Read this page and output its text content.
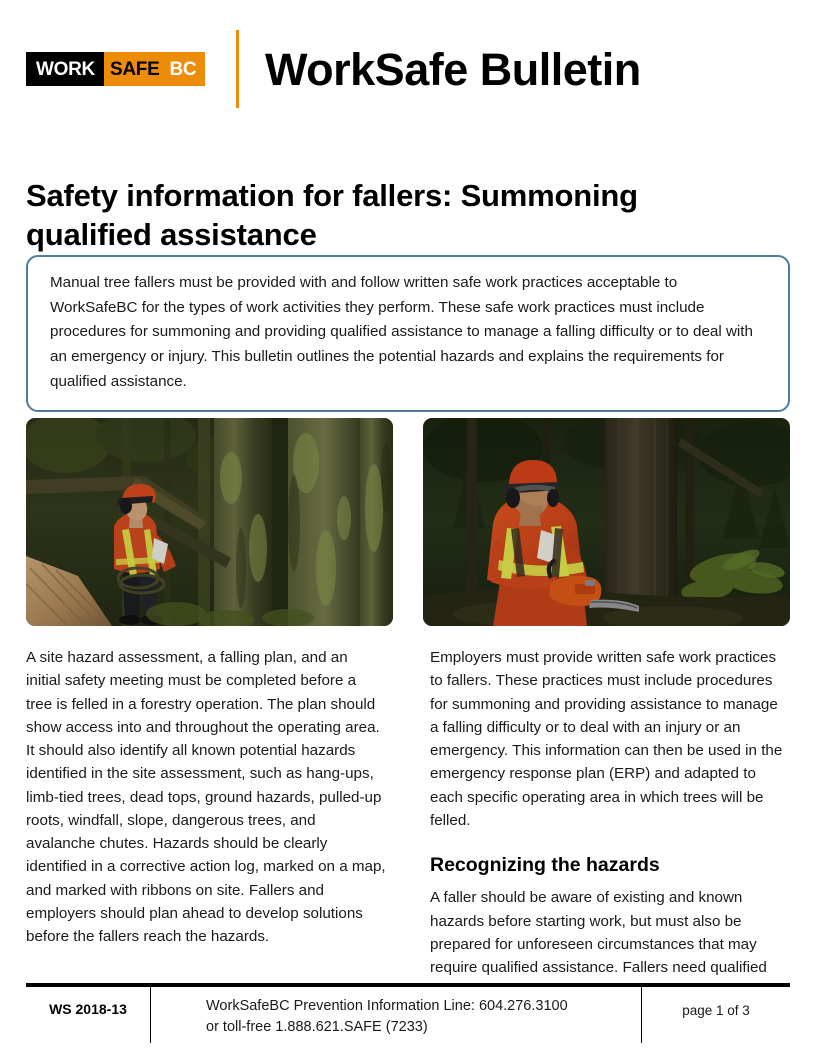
WORK SAFE BC WorkSafe Bulletin
Safety information for fallers: Summoning qualified assistance

Manual tree fallers must be provided with and follow written safe work practices acceptable to WorkSafeBC for the types of work activities they perform. These safe work practices must include procedures for summoning and providing qualified assistance to manage a falling difficulty or to deal with an emergency or injury. This bulletin outlines the potential hazards and explains the requirements for qualified assistance.

A site hazard assessment, a falling plan, and an initial safety meeting must be completed before a tree is felled in a forestry operation. The plan should show access into and throughout the operating area. It should also identify all known potential hazards identified in the site assessment, such as hang-ups, limb-tied trees, dead tops, ground hazards, pulled-up roots, windfall, slope, dangerous trees, and avalanche chutes. Hazards should be clearly identified in a corrective action log, marked on a map, and marked with ribbons on site. Fallers and employers should plan ahead to develop solutions before the fallers reach the hazards.

Employers must provide written safe work practices to fallers. These practices must include procedures for summoning and providing assistance to manage a falling difficulty or to deal with an injury or an emergency. This information can then be used in the emergency response plan (ERP) and adapted to each specific operating area in which trees will be felled.

Recognizing the hazards

A faller should be aware of existing and known hazards before starting work, but must also be prepared for unforeseen circumstances that may require qualified assistance. Fallers need qualified

WS 2018-13	WorkSafeBC Prevention Information Line: 604.276.3100
or toll-free 1.888.621.SAFE (7233)
page 1 of 3
